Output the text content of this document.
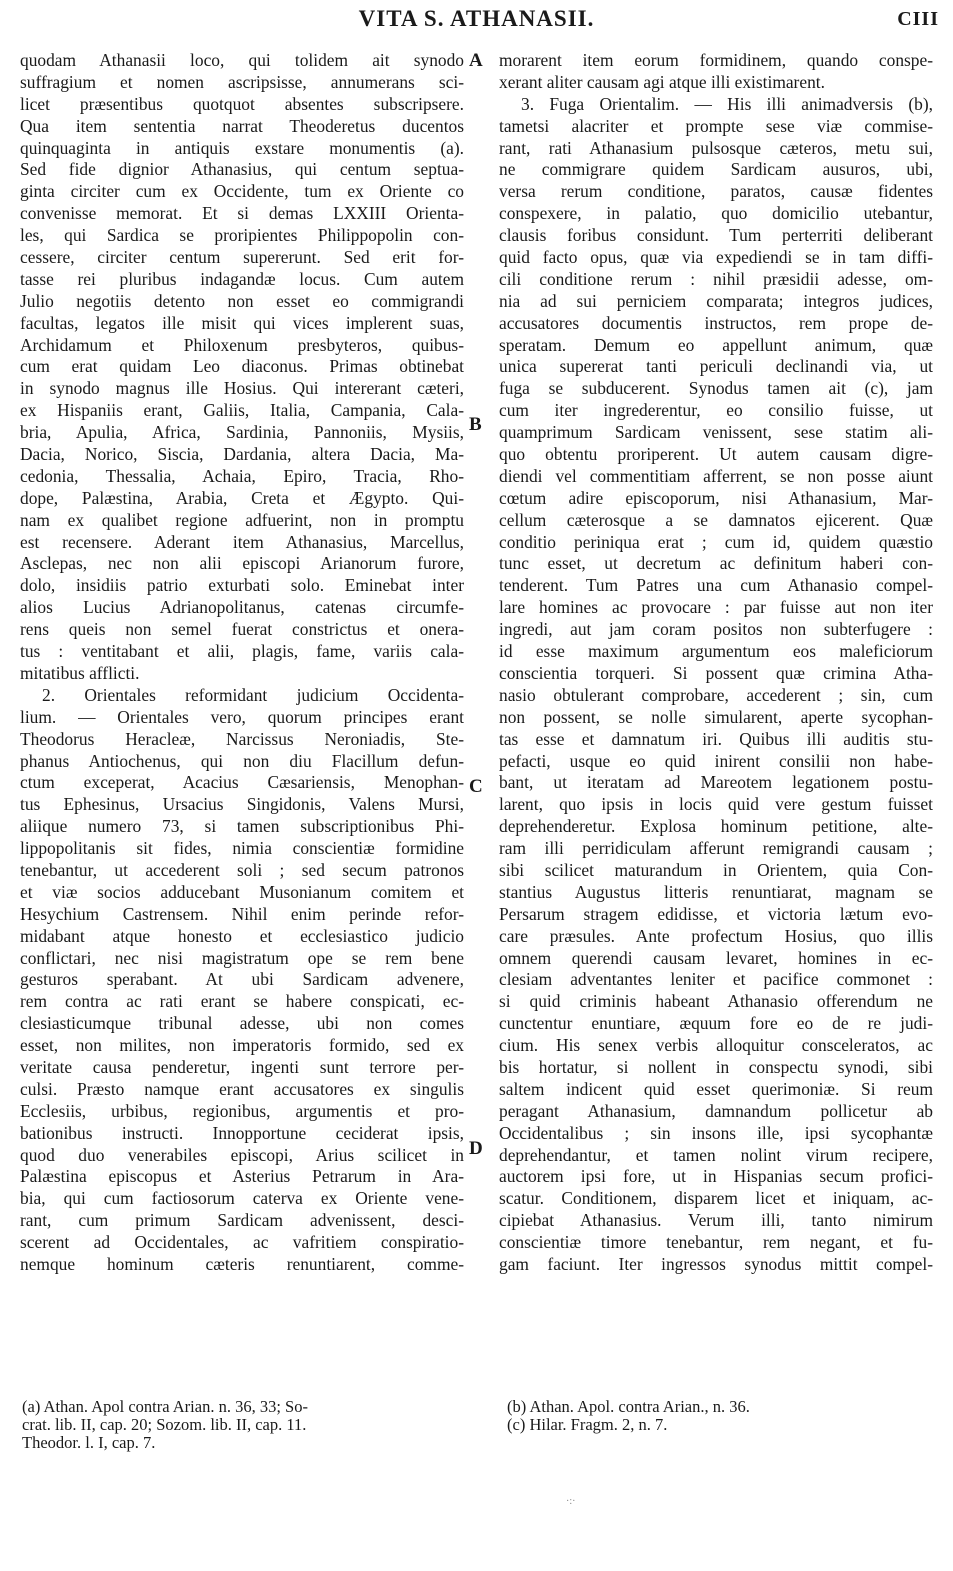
VITA S. ATHANASII.	CIII
quodam Athanasii loco, qui tolidem ait synodo
suffragium et nomen ascripsisse, annumerans sci-
licet præsentibus quotquot absentes subscripsere.
Qua item sententia narrat Theoderetus ducentos
quinquaginta in antiquis exstare monumentis (a).
Sed fide dignior Athanasius, qui centum septua-
ginta circiter cum ex Occidente, tum ex Oriente co
convenisse memorat. Et si demas LXXIII Orienta-
les, qui Sardica se proripientes Philippopolin con-
cessere, circiter centum supererunt. Sed erit for-
tasse rei pluribus indagandæ locus. Cum autem
Julio negotiis detento non esset eo commigrandi
facultas, legatos ille misit qui vices implerent suas,
Archidamum et Philoxenum presbyteros, quibus-
cum erat quidam Leo diaconus. Primas obtinebat
in synodo magnus ille Hosius. Qui intererant cæteri,
ex Hispaniis erant, Galiis, Italia, Campania, Cala-
bria, Apulia, Africa, Sardinia, Pannoniis, Mysiis,
Dacia, Norico, Siscia, Dardania, altera Dacia, Ma-
cedonia, Thessalia, Achaia, Epiro, Tracia, Rho-
dope, Palæstina, Arabia, Creta et Ægypto. Qui-
nam ex qualibet regione adfuerint, non in promptu
est recensere. Aderant item Athanasius, Marcellus,
Asclepas, nec non alii episcopi Arianorum furore,
dolo, insidiis patrio exturbati solo. Eminebat inter
alios Lucius Adrianopolitanus, catenas circumfe-
rens queis non semel fuerat constrictus et onera-
tus : ventitabant et alii, plagis, fame, variis cala-
mitatibus afflicti.
2. Orientales reformidant judicium Occidenta-
lium. — Orientales vero, quorum principes erant
Theodorus Heracleæ, Narcissus Neroniadis, Ste-
phanus Antiochenus, qui non diu Flacillum defun-
ctum exceperat, Acacius Cæsariensis, Menophan-
tus Ephesinus, Ursacius Singidonis, Valens Mursi,
aliique numero 73, si tamen subscriptionibus Phi-
lippopolitanis sit fides, nimia conscientiæ formidine
tenebantur, ut accederent soli ; sed secum patronos
et viæ socios adducebant Musonianum comitem et
Hesychium Castrensem. Nihil enim perinde refor-
midabant atque honesto et ecclesiastico judicio
conflictari, nec nisi magistratum ope se rem bene
gesturos sperabant. At ubi Sardicam advenere,
rem contra ac rati erant se habere conspicati, ec-
clesiasticumque tribunal adesse, ubi non comes
esset, non milites, non imperatoris formido, sed ex
veritate causa penderetur, ingenti sunt terrore per-
culsi. Præsto namque erant accusatores ex singulis
Ecclesiis, urbibus, regionibus, argumentis et pro-
bationibus instructi. Innopportune ceciderat ipsis,
quod duo venerabiles episcopi, Arius scilicet in
Palæstina episcopus et Asterius Petrarum in Ara-
bia, qui cum factiosorum caterva ex Oriente vene-
rant, cum primum Sardicam advenissent, desci-
scerent ad Occidentales, ac vafritiem conspiratio-
nemque hominum cæteris renuntiarent, comme-
morarent item eorum formidinem, quando conspe-
xerant aliter causam agi atque illi existimarent.
3. Fuga Orientalim. — His illi animadversis (b),
tametsi alacriter et prompte sese viæ commise-
rant, rati Athanasium pulsosque cæteros, metu sui,
ne commigrare quidem Sardicam ausuros, ubi,
versa rerum conditione, paratos, causæ fidentes
conspexere, in palatio, quo domicilio utebantur,
clausis foribus considunt. Tum perterriti deliberant
quid facto opus, quæ via expediendi se in tam diffi-
cili conditione rerum : nihil præsidii adesse, om-
nia ad sui perniciem comparata; integros judices,
accusatores documentis instructos, rem prope de-
speratam. Demum eo appellunt animum, quæ
unica supererat tanti periculi declinandi via, ut
fuga se subducerent. Synodus tamen ait (c), jam
cum iter ingrederentur, eo consilio fuisse, ut
quamprimum Sardicam venissent, sese statim ali-
quo obtentu proriperent. Ut autem causam digre-
diendi vel commentitiam afferrent, se non posse aiunt
cœtum adire episcoporum, nisi Athanasium, Mar-
cellum cæterosque a se damnatos ejicerent. Quæ
conditio periniqua erat ; cum id, quidem quæstio
tunc esset, ut decretum ac definitum haberi con-
tenderent. Tum Patres una cum Athanasio compel-
lare homines ac provocare : par fuisse aut non iter
ingredi, aut jam coram positos non subterfugere :
id esse maximum argumentum eos maleficiorum
conscientia torqueri. Si possent quæ crimina Atha-
nasio obtulerant comprobare, accederent ; sin, cum
non possent, se nolle simularent, aperte sycophan-
tas esse et damnatum iri. Quibus illi auditis stu-
pefacti, usque eo quid inirent consilii non habe-
bant, ut iteratam ad Mareotem legationem postu-
larent, quo ipsis in locis quid vere gestum fuisset
deprehenderetur. Explosa hominum petitione, alte-
ram illi perridiculam afferunt remigrandi causam ;
sibi scilicet maturandum in Orientem, quia Con-
stantius Augustus litteris renuntiarat, magnam se
Persarum stragem edidisse, et victoria lætum evo-
care præsules. Ante profectum Hosius, quo illis
omnem querendi causam levaret, homines in ec-
clesiam adventantes leniter et pacifice commonet :
si quid criminis habeant Athanasio offerendum ne
cunctentur enuntiare, æquum fore eo de re judi-
cium. His senex verbis alloquitur consceleratos, ac
bis hortatur, si nollent in conspectu synodi, sibi
saltem indicent quid esset querimoniæ. Si reum
peragant Athanasium, damnandum pollicetur ab
Occidentalibus ; sin insons ille, ipsi sycophantæ
deprehendantur, et tamen nolint virum recipere,
auctorem ipsi fore, ut in Hispanias secum profici-
scatur. Conditionem, disparem licet et iniquam, ac-
cipiebat Athanasius. Verum illi, tanto nimirum
conscientiæ timore tenebantur, rem negant, et fu-
gam faciunt. Iter ingressos synodus mittit compel-
A
B
C
D
(a) Athan. Apol contra Arian. n. 36, 33; So-
crat. lib. II, cap. 20; Sozom. lib. II, cap. 11.
Theodor. l. I, cap. 7.
(b) Athan. Apol. contra Arian., n. 36.
(c) Hilar. Fragm. 2, n. 7.
·:·
